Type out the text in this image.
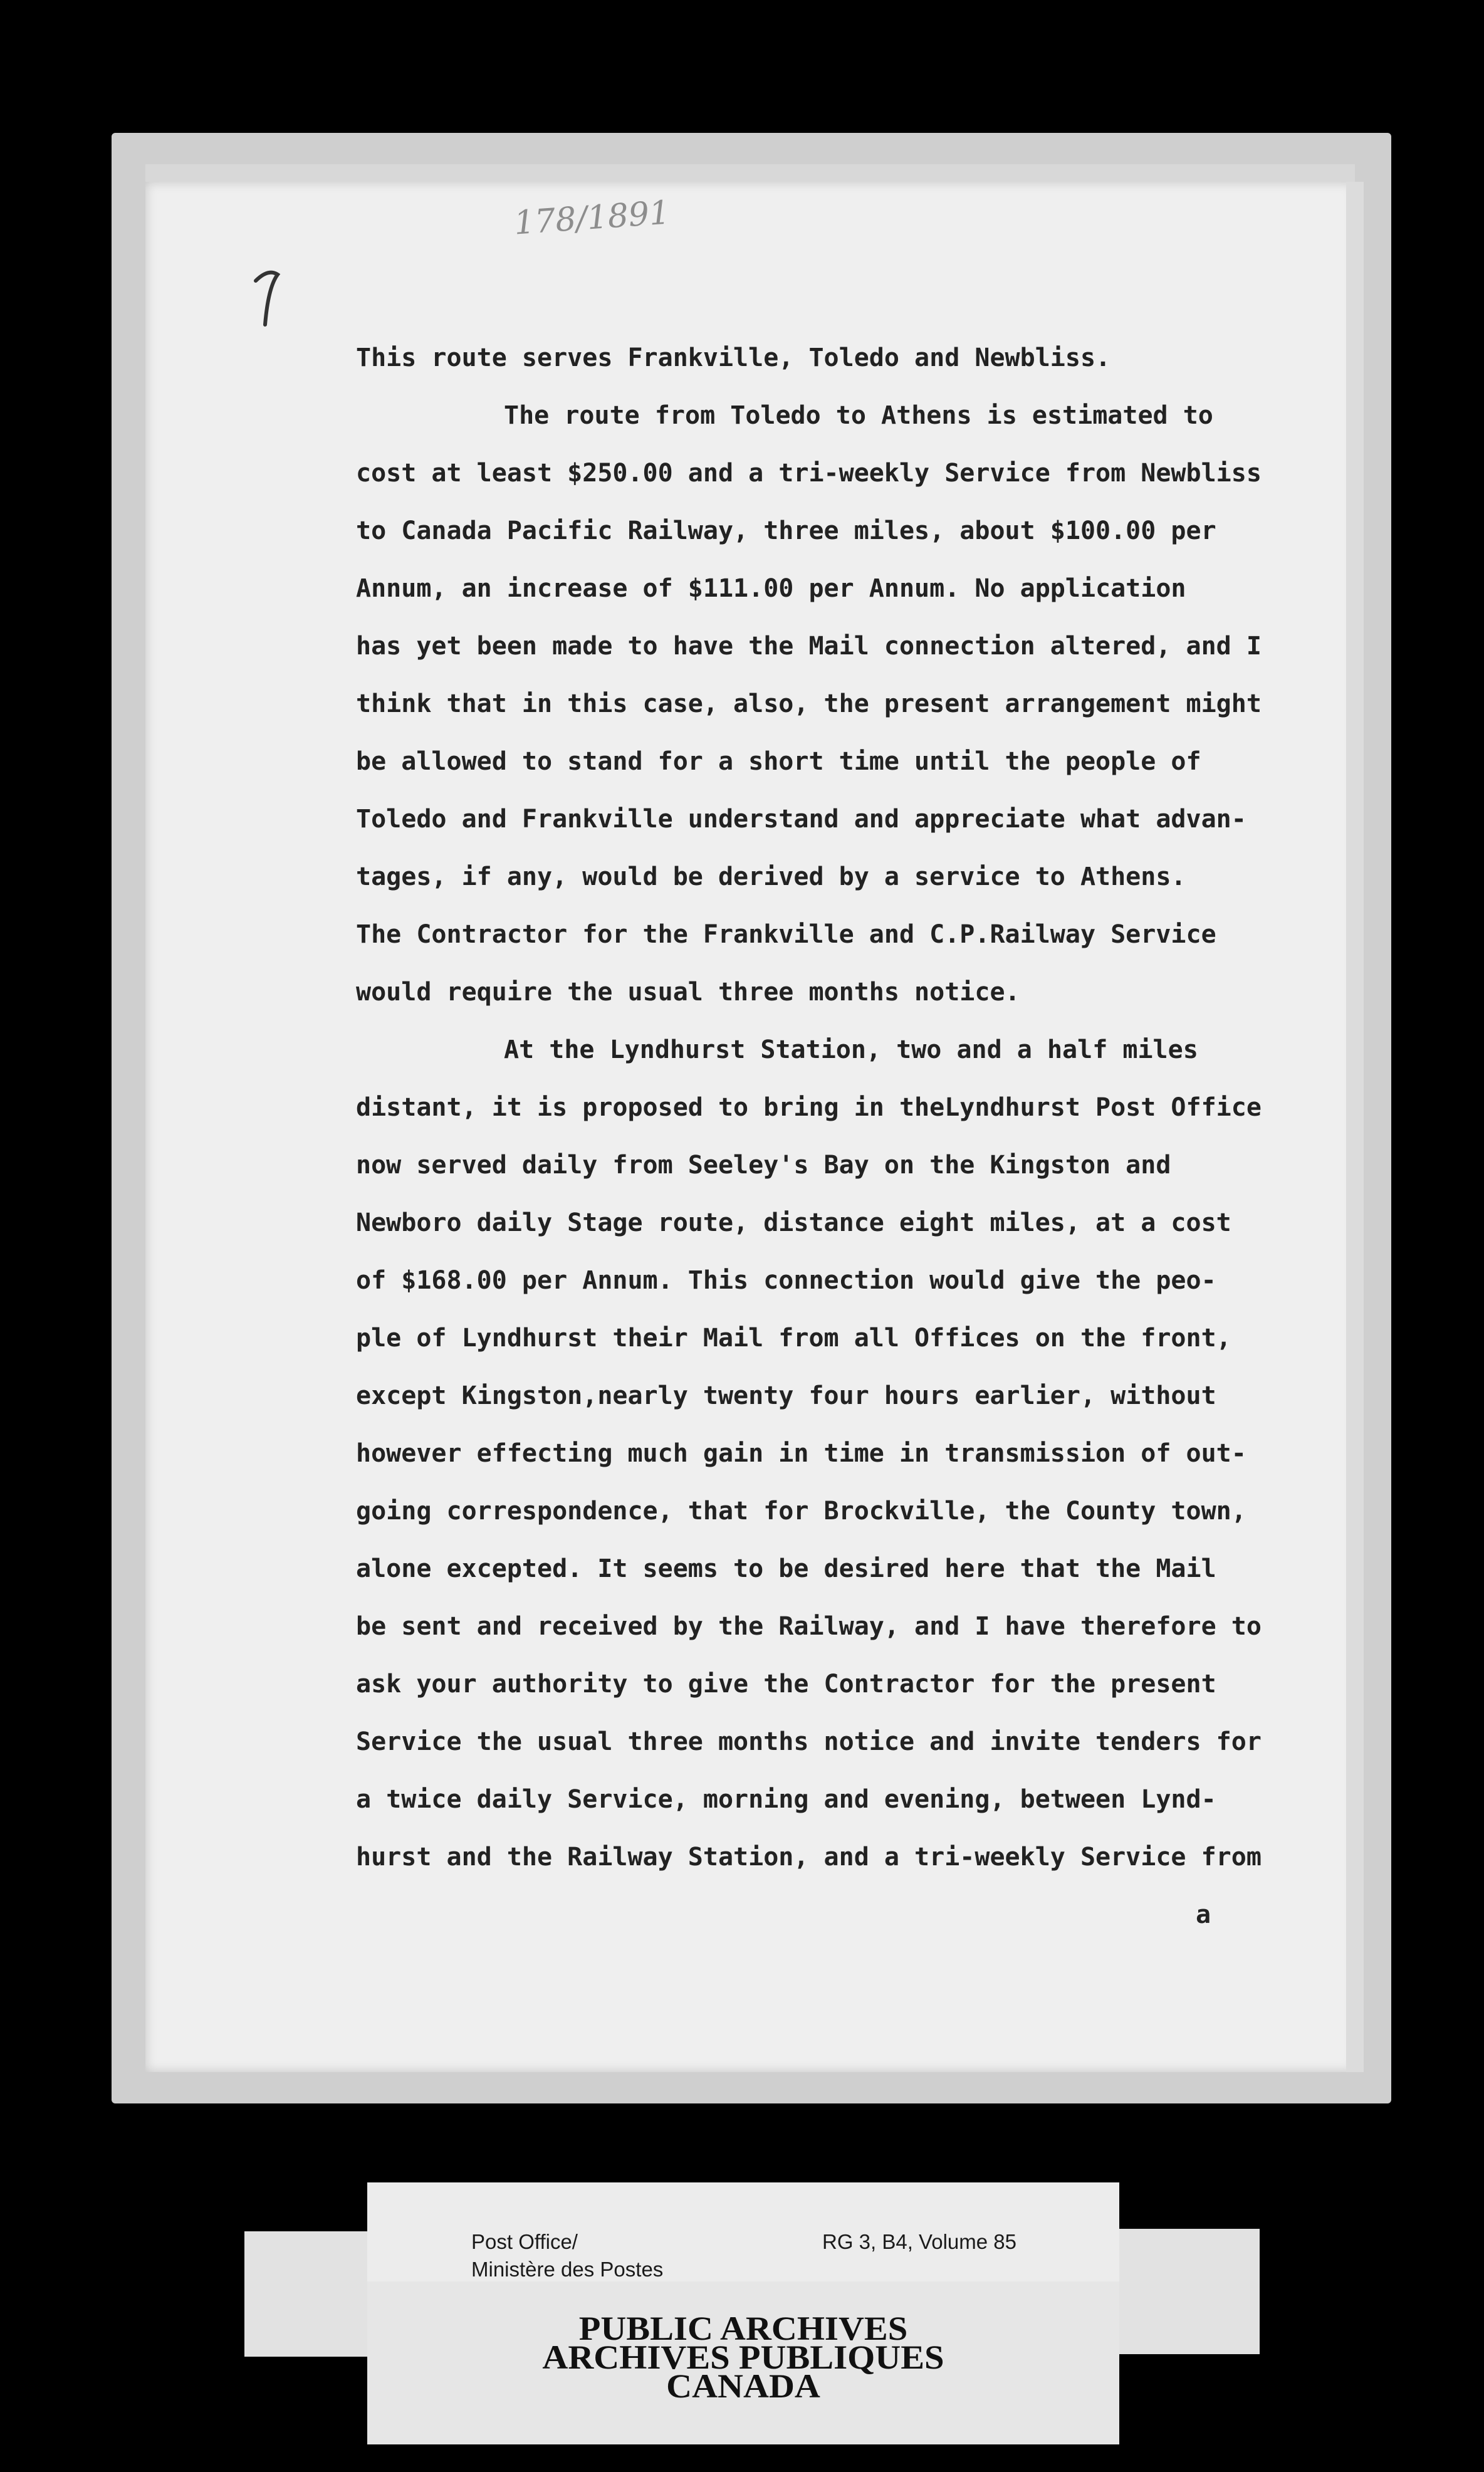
178/1891
This route serves Frankville, Toledo and Newbliss.
The route from Toledo to Athens is estimated to
cost at least $250.00 and a tri-weekly Service from Newbliss
to Canada Pacific Railway, three miles, about $100.00 per
Annum, an increase of $111.00 per Annum. No application
has yet been made to have the Mail connection altered, and I
think that in this case, also, the present arrangement might
be allowed to stand for a short time until the people of
Toledo and Frankville understand and appreciate what advan-
tages, if any, would be derived by a service to Athens.
The Contractor for the Frankville and C.P.Railway Service
would require the usual three months notice.
At the Lyndhurst Station, two and a half miles
distant, it is proposed to bring in theLyndhurst Post Office
now served daily from Seeley's Bay on the Kingston and
Newboro daily Stage route, distance eight miles, at a cost
of $168.00 per Annum. This connection would give the peo-
ple of Lyndhurst their Mail from all Offices on the front,
except Kingston,nearly twenty four hours earlier, without
however effecting much gain in time in transmission of out-
going correspondence, that for Brockville, the County town,
alone excepted. It seems to be desired here that the Mail
be sent and received by the Railway, and I have therefore to
ask your authority to give the Contractor for the present
Service the usual three months notice and invite tenders for
a twice daily Service, morning and evening, between Lynd-
hurst and the Railway Station, and a tri-weekly Service from
a
Post Office/
Ministère des Postes
RG 3, B4, Volume 85
PUBLIC ARCHIVES
ARCHIVES PUBLIQUES
CANADA
